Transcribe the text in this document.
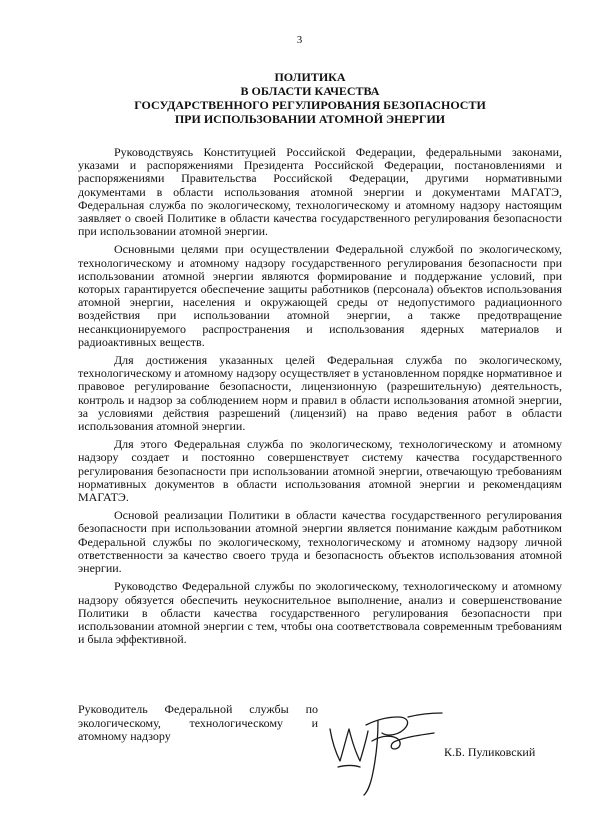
3
ПОЛИТИКА
В ОБЛАСТИ КАЧЕСТВА
ГОСУДАРСТВЕННОГО РЕГУЛИРОВАНИЯ БЕЗОПАСНОСТИ
ПРИ ИСПОЛЬЗОВАНИИ АТОМНОЙ ЭНЕРГИИ

Руководствуясь Конституцией Российской Федерации, федеральными законами, указами и распоряжениями Президента Российской Федерации, постановлениями и распоряжениями Правительства Российской Федерации, другими нормативными документами в области использования атомной энергии и документами МАГАТЭ, Федеральная служба по экологическому, технологическому и атомному надзору настоящим заявляет о своей Политике в области качества государственного регулирования безопасности при использовании атомной энергии.

Основными целями при осуществлении Федеральной службой по экологическому, технологическому и атомному надзору государственного регулирования безопасности при использовании атомной энергии являются формирование и поддержание условий, при которых гарантируется обеспечение защиты работников (персонала) объектов использования атомной энергии, населения и окружающей среды от недопустимого радиационного воздействия при использовании атомной энергии, а также предотвращение несанкционируемого распространения и использования ядерных материалов и радиоактивных веществ.

Для достижения указанных целей Федеральная служба по экологическому, технологическому и атомному надзору осуществляет в установленном порядке нормативное и правовое регулирование безопасности, лицензионную (разрешительную) деятельность, контроль и надзор за соблюдением норм и правил в области использования атомной энергии, за условиями действия разрешений (лицензий) на право ведения работ в области использования атомной энергии.

Для этого Федеральная служба по экологическому, технологическому и атомному надзору создает и постоянно совершенствует систему качества государственного регулирования безопасности при использовании атомной энергии, отвечающую требованиям нормативных документов в области использования атомной энергии и рекомендациям МАГАТЭ.

Основой реализации Политики в области качества государственного регулирования безопасности при использовании атомной энергии является понимание каждым работником Федеральной службы по экологическому, технологическому и атомному надзору личной ответственности за качество своего труда и безопасность объектов использования атомной энергии.

Руководство Федеральной службы по экологическому, технологическому и атомному надзору обязуется обеспечить неукоснительное выполнение, анализ и совершенствование Политики в области качества государственного регулирования безопасности при использовании атомной энергии с тем, чтобы она соответствовала современным требованиям и была эффективной.

Руководитель Федеральной службы по
экологическому, технологическому и
атомному надзору
К.Б. Пуликовский
